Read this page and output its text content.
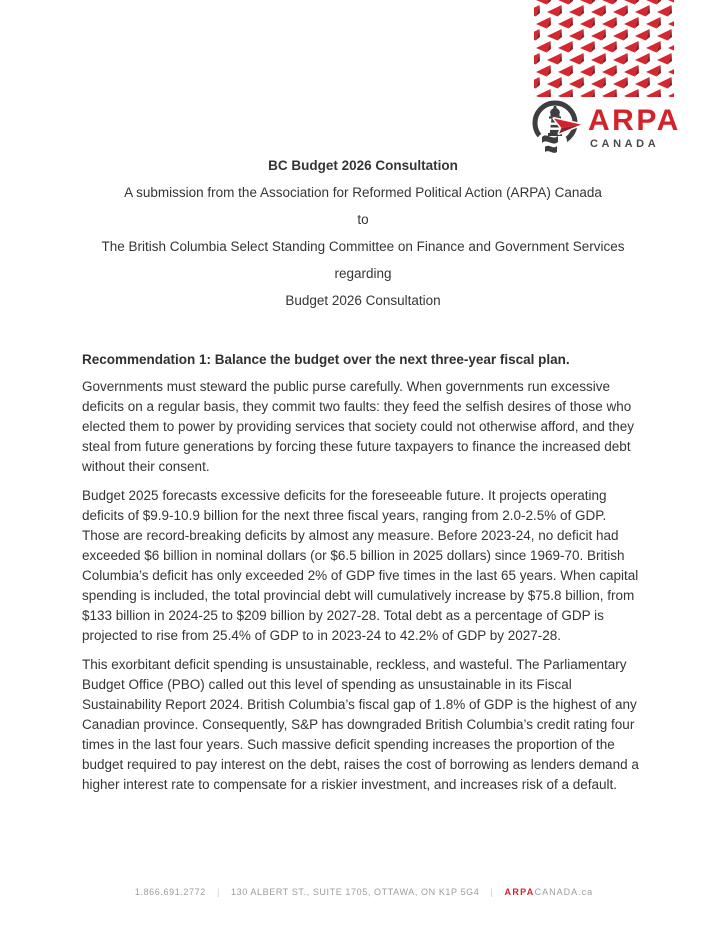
ARPA
CANADA
BC Budget 2026 Consultation
A submission from the Association for Reformed Political Action (ARPA) Canada
to
The British Columbia Select Standing Committee on Finance and Government Services
regarding
Budget 2026 Consultation
Recommendation 1: Balance the budget over the next three-year fiscal plan.

Governments must steward the public purse carefully. When governments run excessive deficits on a regular basis, they commit two faults: they feed the selfish desires of those who elected them to power by providing services that society could not otherwise afford, and they steal from future generations by forcing these future taxpayers to finance the increased debt without their consent.

Budget 2025 forecasts excessive deficits for the foreseeable future. It projects operating deficits of $9.9-10.9 billion for the next three fiscal years, ranging from 2.0-2.5% of GDP. Those are record-breaking deficits by almost any measure. Before 2023-24, no deficit had exceeded $6 billion in nominal dollars (or $6.5 billion in 2025 dollars) since 1969-70. British Columbia’s deficit has only exceeded 2% of GDP five times in the last 65 years. When capital spending is included, the total provincial debt will cumulatively increase by $75.8 billion, from $133 billion in 2024-25 to $209 billion by 2027-28. Total debt as a percentage of GDP is projected to rise from 25.4% of GDP to in 2023-24 to 42.2% of GDP by 2027-28.

This exorbitant deficit spending is unsustainable, reckless, and wasteful. The Parliamentary Budget Office (PBO) called out this level of spending as unsustainable in its Fiscal Sustainability Report 2024. British Columbia’s fiscal gap of 1.8% of GDP is the highest of any Canadian province. Consequently, S&P has downgraded British Columbia’s credit rating four times in the last four years. Such massive deficit spending increases the proportion of the budget required to pay interest on the debt, raises the cost of borrowing as lenders demand a higher interest rate to compensate for a riskier investment, and increases risk of a default.

1.866.691.2772 | 130 ALBERT ST., SUITE 1705, OTTAWA, ON K1P 5G4 | ARPACANADA.ca
